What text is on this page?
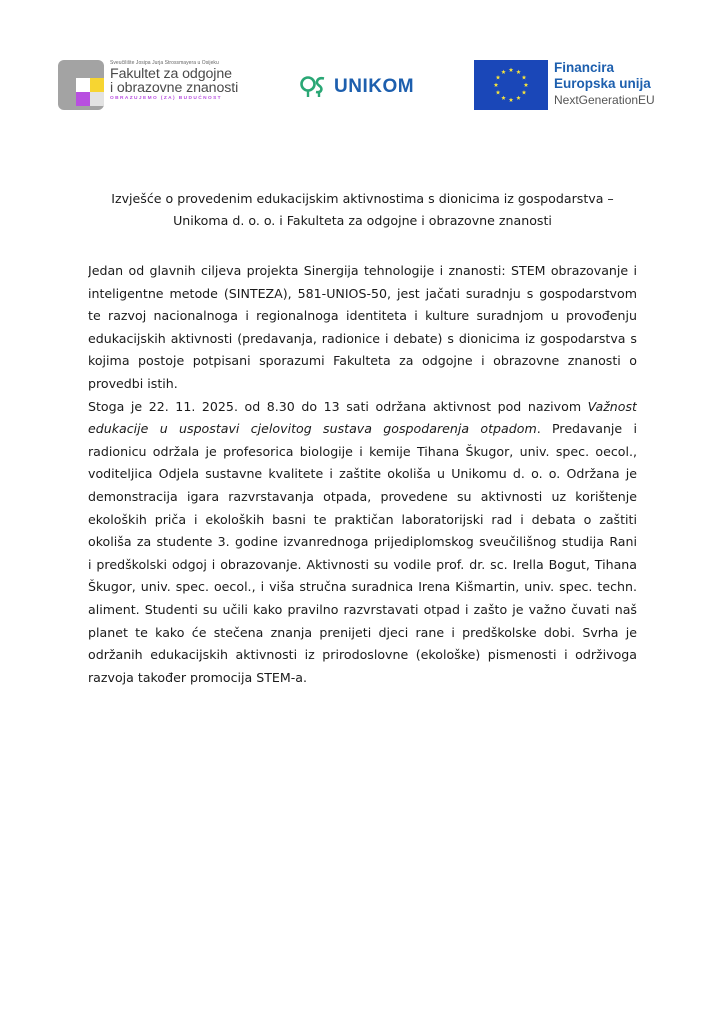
Sveučilište Josipa Jurja Strossmayera u Osijeku
Fakultet za odgojne
i obrazovne znanosti
OBRAZUJEMO (ZA) BUDUĆNOST
UNIKOM
Financira
Europska unija
NextGenerationEU
Izvješće o provedenim edukacijskim aktivnostima s dionicima iz gospodarstva –
Unikoma d. o. o. i Fakulteta za odgojne i obrazovne znanosti
Jedan od glavnih ciljeva projekta Sinergija tehnologije i znanosti: STEM obrazovanje i
inteligentne metode (SINTEZA), 581-UNIOS-50, jest jačati suradnju s gospodarstvom
te razvoj nacionalnoga i regionalnoga identiteta i kulture suradnjom u provođenju
edukacijskih aktivnosti (predavanja, radionice i debate) s dionicima iz gospodarstva s
kojima postoje potpisani sporazumi Fakulteta za odgojne i obrazovne znanosti o
provedbi istih.
Stoga je 22. 11. 2025. od 8.30 do 13 sati održana aktivnost pod nazivom Važnost
edukacije u uspostavi cjelovitog sustava gospodarenja otpadom. Predavanje i
radionicu održala je profesorica biologije i kemije Tihana Škugor, univ. spec. oecol.,
voditeljica Odjela sustavne kvalitete i zaštite okoliša u Unikomu d. o. o. Održana je
demonstracija igara razvrstavanja otpada, provedene su aktivnosti uz korištenje
ekoloških priča i ekoloških basni te praktičan laboratorijski rad i debata o zaštiti
okoliša za studente 3. godine izvanrednoga prijediplomskog sveučilišnog studija Rani
i predškolski odgoj i obrazovanje. Aktivnosti su vodile prof. dr. sc. Irella Bogut, Tihana
Škugor, univ. spec. oecol., i viša stručna suradnica Irena Kišmartin, univ. spec. techn.
aliment. Studenti su učili kako pravilno razvrstavati otpad i zašto je važno čuvati naš
planet te kako će stečena znanja prenijeti djeci rane i predškolske dobi. Svrha je
održanih edukacijskih aktivnosti iz prirodoslovne (ekološke) pismenosti i održivoga
razvoja također promocija STEM-a.
